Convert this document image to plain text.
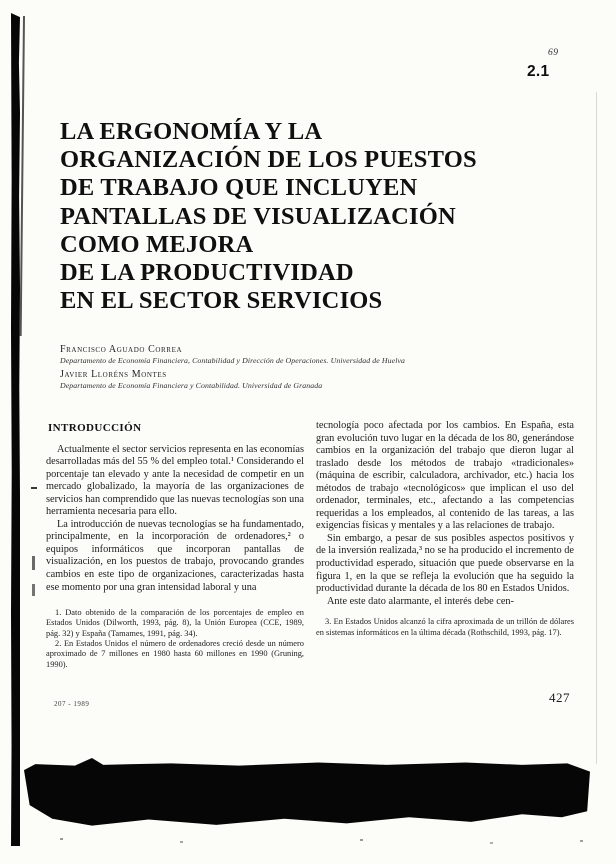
69
2.1
LA ERGONOMÍA Y LA
ORGANIZACIÓN DE LOS PUESTOS
DE TRABAJO QUE INCLUYEN
PANTALLAS DE VISUALIZACIÓN
COMO MEJORA
DE LA PRODUCTIVIDAD
EN EL SECTOR SERVICIOS
Francisco Aguado Correa
Departamento de Economía Financiera, Contabilidad y Dirección de Operaciones. Universidad de Huelva
Javier Lloréns Montes
Departamento de Economía Financiera y Contabilidad. Universidad de Granada
INTRODUCCIÓN

Actualmente el sector servicios representa en las economías desarrolladas más del 55 % del empleo total.¹ Considerando el porcentaje tan elevado y ante la necesidad de competir en un mercado globalizado, la mayoría de las organizaciones de servicios han comprendido que las nuevas tecnologías son una herramienta necesaria para ello.

La introducción de nuevas tecnologías se ha fundamentado, principalmente, en la incorporación de ordenadores,² o equipos informáticos que incorporan pantallas de visualización, en los puestos de trabajo, provocando grandes cambios en este tipo de organizaciones, caracterizadas hasta ese momento por una gran intensidad laboral y una

1. Dato obtenido de la comparación de los porcentajes de empleo en Estados Unidos (Dilworth, 1993, pág. 8), la Unión Europea (CCE, 1989, pág. 32) y España (Tamames, 1991, pág. 34).

2. En Estados Unidos el número de ordenadores creció desde un número aproximado de 7 millones en 1980 hasta 60 millones en 1990 (Gruning, 1990).

tecnología poco afectada por los cambios. En España, esta gran evolución tuvo lugar en la década de los 80, generándose cambios en la organización del trabajo que dieron lugar al traslado desde los métodos de trabajo «tradicionales» (máquina de escribir, calculadora, archivador, etc.) hacia los métodos de trabajo «tecnológicos» que implican el uso del ordenador, terminales, etc., afectando a las competencias requeridas a los empleados, al contenido de las tareas, a las exigencias físicas y mentales y a las relaciones de trabajo.

Sin embargo, a pesar de sus posibles aspectos positivos y de la inversión realizada,³ no se ha producido el incremento de productividad esperado, situación que puede observarse en la figura 1, en la que se refleja la evolución que ha seguido la productividad durante la década de los 80 en Estados Unidos.

Ante este dato alarmante, el interés debe cen-

3. En Estados Unidos alcanzó la cifra aproximada de un trillón de dólares en sistemas informáticos en la última década (Rothschild, 1993, pág. 17).

207 - 1989	427
